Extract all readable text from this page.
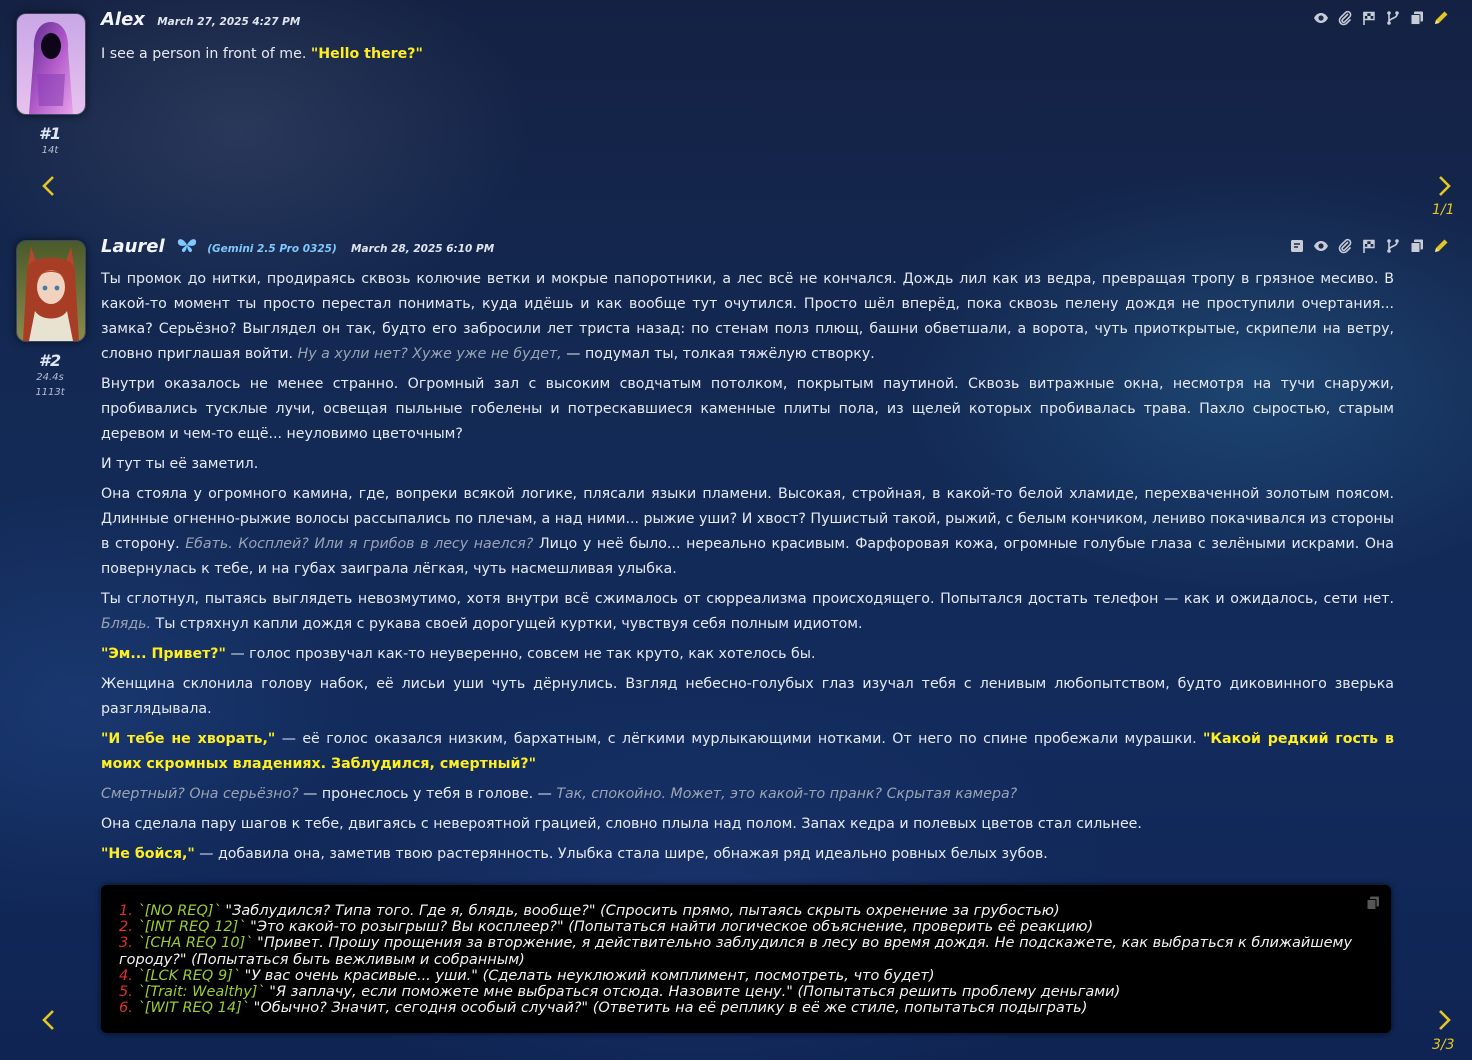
#1
14t
Alex March 27, 2025 4:27 PM
I see a person in front of me. "Hello there?"
1/1
#2
24.4s
1113t
Laurel	(Gemini 2.5 Pro 0325) March 28, 2025 6:10 PM

Ты промок до нитки, продираясь сквозь колючие ветки и мокрые папоротники, а лес всё не кончался. Дождь лил как из ведра, превращая тропу в грязное месиво. В какой-то момент ты просто перестал понимать, куда идёшь и как вообще тут очутился. Просто шёл вперёд, пока сквозь пелену дождя не проступили очертания... замка? Серьёзно? Выглядел он так, будто его забросили лет триста назад: по стенам полз плющ, башни обветшали, а ворота, чуть приоткрытые, скрипели на ветру, словно приглашая войти. Ну а хули нет? Хуже уже не будет, — подумал ты, толкая тяжёлую створку.

Внутри оказалось не менее странно. Огромный зал с высоким сводчатым потолком, покрытым паутиной. Сквозь витражные окна, несмотря на тучи снаружи, пробивались тусклые лучи, освещая пыльные гобелены и потрескавшиеся каменные плиты пола, из щелей которых пробивалась трава. Пахло сыростью, старым деревом и чем-то ещё... неуловимо цветочным?

И тут ты её заметил.

Она стояла у огромного камина, где, вопреки всякой логике, плясали языки пламени. Высокая, стройная, в какой-то белой хламиде, перехваченной золотым поясом. Длинные огненно-рыжие волосы рассыпались по плечам, а над ними... рыжие уши? И хвост? Пушистый такой, рыжий, с белым кончиком, лениво покачивался из стороны в сторону. Ебать. Косплей? Или я грибов в лесу наелся? Лицо у неё было... нереально красивым. Фарфоровая кожа, огромные голубые глаза с зелёными искрами. Она повернулась к тебе, и на губах заиграла лёгкая, чуть насмешливая улыбка.

Ты сглотнул, пытаясь выглядеть невозмутимо, хотя внутри всё сжималось от сюрреализма происходящего. Попытался достать телефон — как и ожидалось, сети нет. Блядь. Ты стряхнул капли дождя с рукава своей дорогущей куртки, чувствуя себя полным идиотом.

"Эм... Привет?" — голос прозвучал как-то неуверенно, совсем не так круто, как хотелось бы.

Женщина склонила голову набок, её лисьи уши чуть дёрнулись. Взгляд небесно-голубых глаз изучал тебя с ленивым любопытством, будто диковинного зверька разглядывала.

"И тебе не хворать," — её голос оказался низким, бархатным, с лёгкими мурлыкающими нотками. От него по спине пробежали мурашки. "Какой редкий гость в моих скромных владениях. Заблудился, смертный?"

Смертный? Она серьёзно? — пронеслось у тебя в голове. — Так, спокойно. Может, это какой-то пранк? Скрытая камера?

Она сделала пару шагов к тебе, двигаясь с невероятной грацией, словно плыла над полом. Запах кедра и полевых цветов стал сильнее.

"Не бойся," — добавила она, заметив твою растерянность. Улыбка стала шире, обнажая ряд идеально ровных белых зубов.

1. `[NO REQ]` "Заблудился? Типа того. Где я, блядь, вообще?" (Спросить прямо, пытаясь скрыть охренение за грубостью)
2. `[INT REQ 12]` "Это какой-то розыгрыш? Вы косплеер?" (Попытаться найти логическое объяснение, проверить её реакцию)
3. `[CHA REQ 10]` "Привет. Прошу прощения за вторжение, я действительно заблудился в лесу во время дождя. Не подскажете, как выбраться к ближайшему городу?" (Попытаться быть вежливым и собранным)
4. `[LCK REQ 9]` "У вас очень красивые... уши." (Сделать неуклюжий комплимент, посмотреть, что будет)
5. `[Trait: Wealthy]` "Я заплачу, если поможете мне выбраться отсюда. Назовите цену." (Попытаться решить проблему деньгами)
6. `[WIT REQ 14]` "Обычно? Значит, сегодня особый случай?" (Ответить на её реплику в её же стиле, попытаться подыграть)
3/3
